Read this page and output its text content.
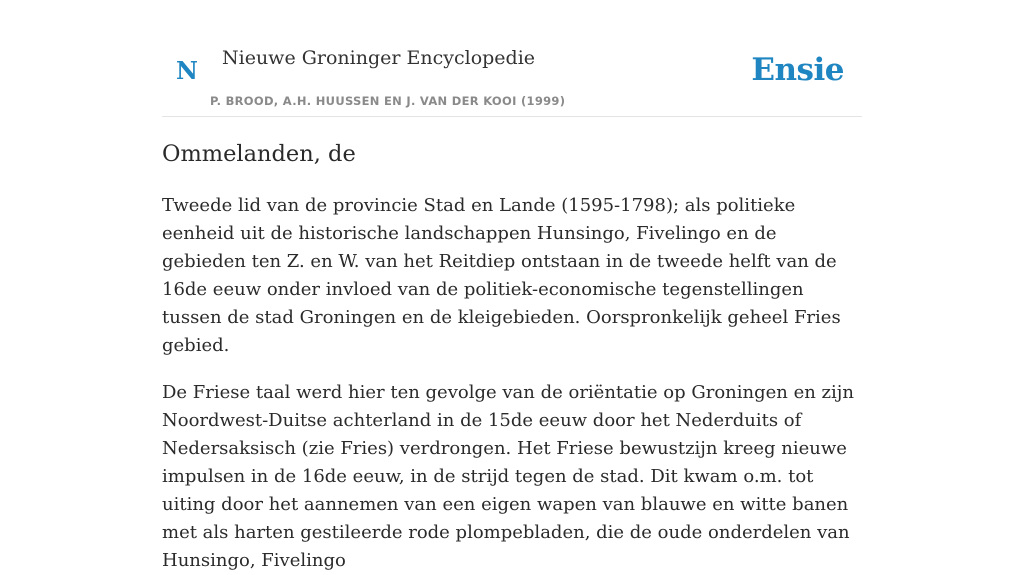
N Nieuwe Groninger Encyclopedie
P. BROOD, A.H. HUUSSEN EN J. VAN DER KOOI (1999)
Ensie
Ommelanden, de

Tweede lid van de provincie Stad en Lande (1595-1798); als politieke eenheid uit de historische landschappen Hunsingo, Fivelingo en de gebieden ten Z. en W. van het Reitdiep ontstaan in de tweede helft van de 16de eeuw onder invloed van de politiek-economische tegenstellingen tussen de stad Groningen en de kleigebieden. Oorspronkelijk geheel Fries gebied.

De Friese taal werd hier ten gevolge van de oriëntatie op Groningen en zijn Noordwest-Duitse achterland in de 15de eeuw door het Nederduits of Nedersaksisch (zie Fries) verdrongen. Het Friese bewustzijn kreeg nieuwe impulsen in de 16de eeuw, in de strijd tegen de stad. Dit kwam o.m. tot uiting door het aannemen van een eigen wapen van blauwe en witte banen met als harten gestileerde rode plompebladen, die de oude onderdelen van Hunsingo, Fivelingo
